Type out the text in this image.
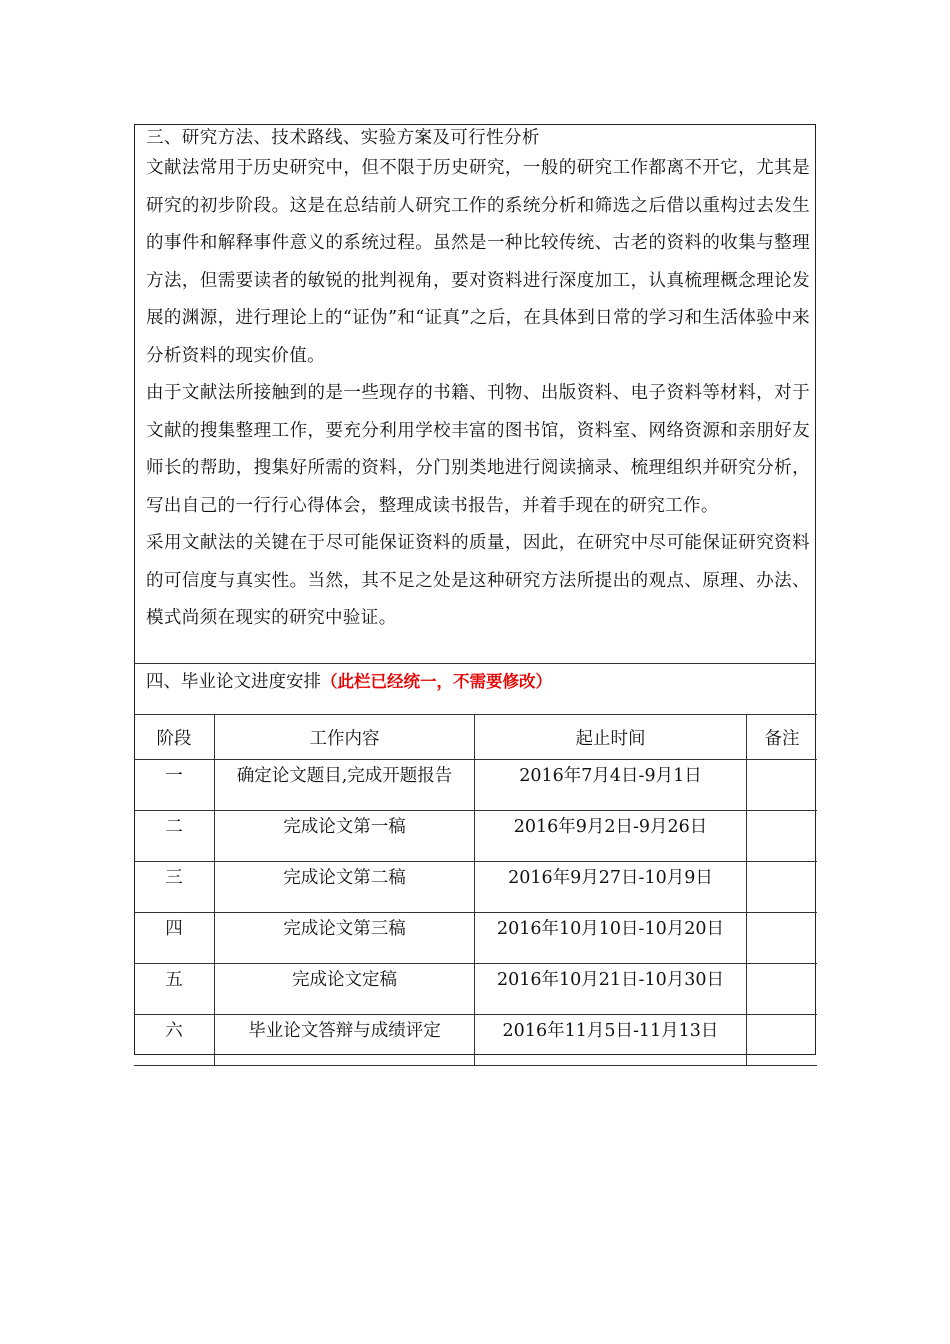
三、研究方法、技术路线、实验方案及可行性分析

文献法常用于历史研究中，但不限于历史研究，一般的研究工作都离不开它，尤其是研究的初步阶段。这是在总结前人研究工作的系统分析和筛选之后借以重构过去发生的事件和解释事件意义的系统过程。虽然是一种比较传统、古老的资料的收集与整理方法，但需要读者的敏锐的批判视角，要对资料进行深度加工，认真梳理概念理论发展的渊源，进行理论上的“证伪”和“证真”之后，在具体到日常的学习和生活体验中来分析资料的现实价值。

由于文献法所接触到的是一些现存的书籍、刊物、出版资料、电子资料等材料，对于文献的搜集整理工作，要充分利用学校丰富的图书馆，资料室、网络资源和亲朋好友师长的帮助，搜集好所需的资料，分门别类地进行阅读摘录、梳理组织并研究分析，写出自己的一行行心得体会，整理成读书报告，并着手现在的研究工作。

采用文献法的关键在于尽可能保证资料的质量，因此，在研究中尽可能保证研究资料的可信度与真实性。当然，其不足之处是这种研究方法所提出的观点、原理、办法、模式尚须在现实的研究中验证。

四、毕业论文进度安排（此栏已经统一，不需要修改）
阶段	工作内容	起止时间	备注
一	确定论文题目,完成开题报告	2016年7月4日-9月1日	
二	完成论文第一稿	2016年9月2日-9月26日	
三	完成论文第二稿	2016年9月27日-10月9日	
四	完成论文第三稿	2016年10月10日-10月20日	
五	完成论文定稿	2016年10月21日-10月30日	
六	毕业论文答辩与成绩评定	2016年11月5日-11月13日	
